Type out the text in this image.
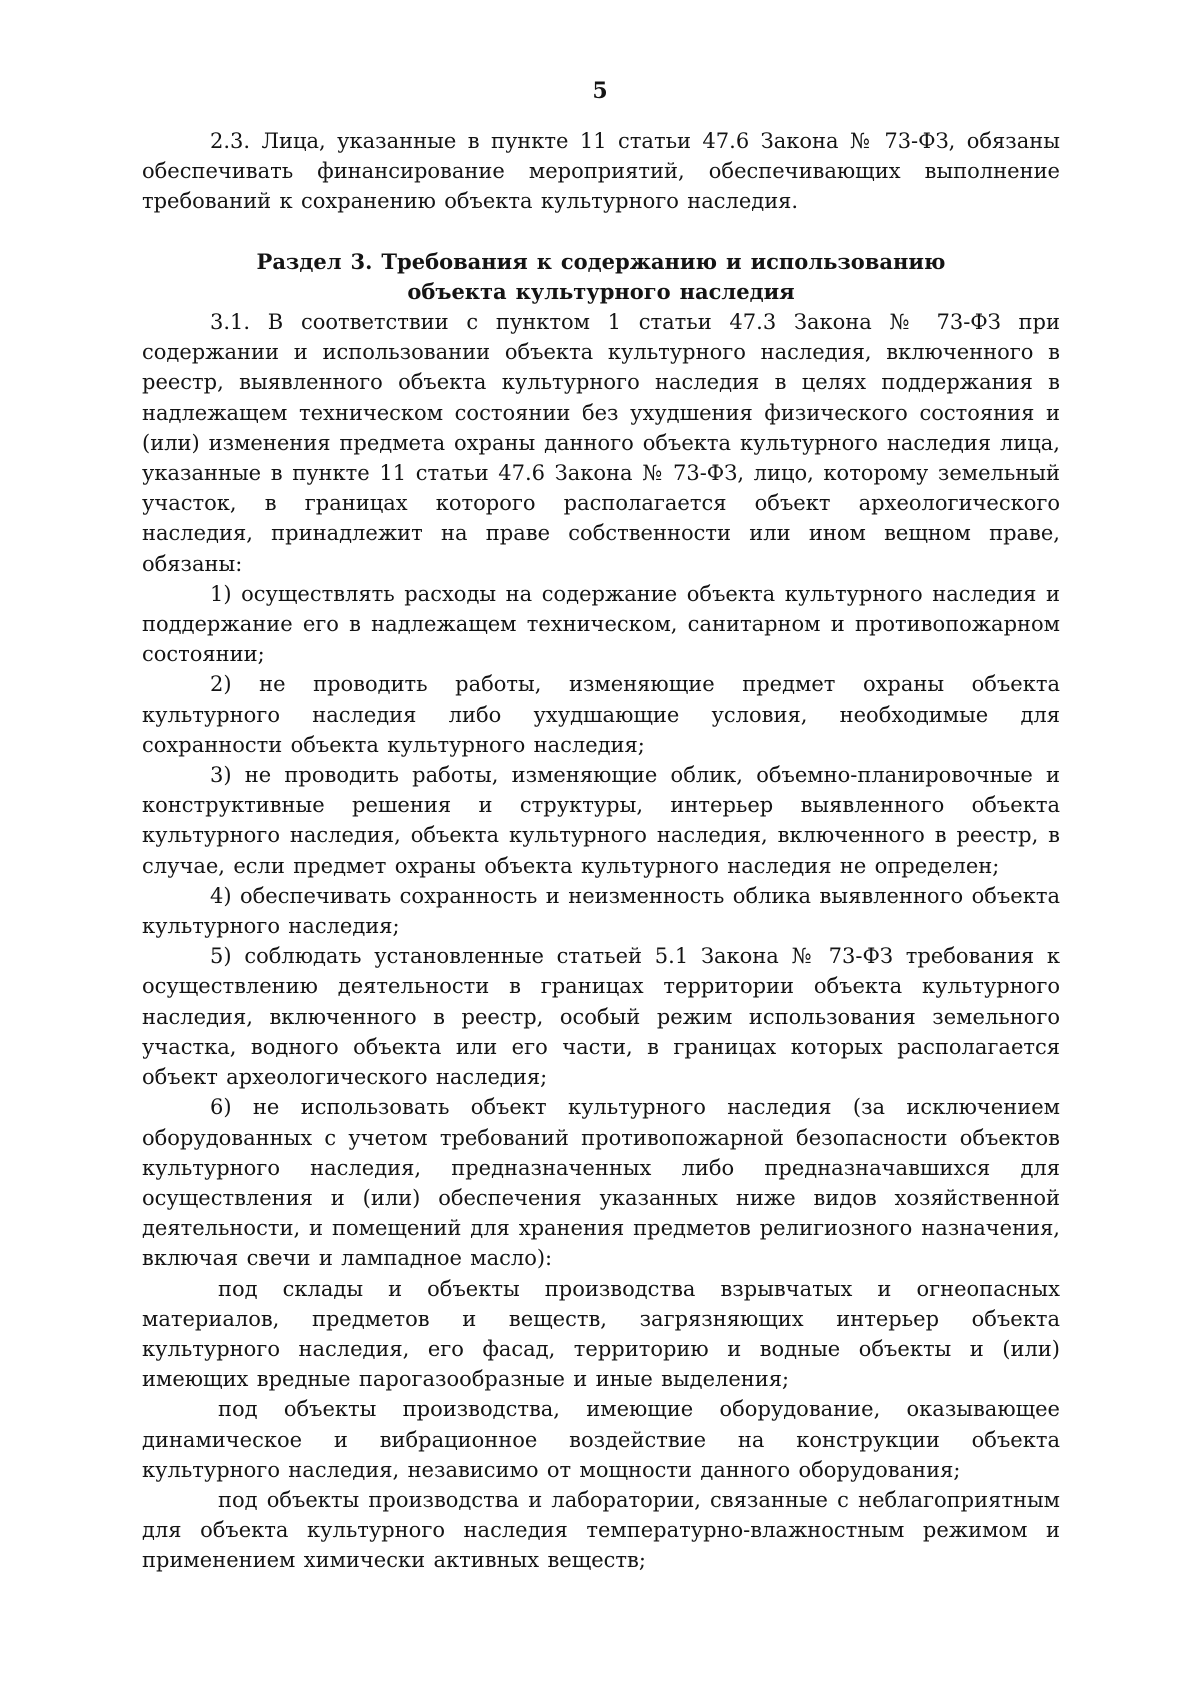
5

2.3. Лица, указанные в пункте 11 статьи 47.6 Закона № 73-ФЗ, обязаны обеспечивать финансирование мероприятий, обеспечивающих выполнение требований к сохранению объекта культурного наследия.

Раздел 3. Требования к содержанию и использованию
объекта культурного наследия

3.1. В соответствии с пунктом 1 статьи 47.3 Закона № 73-ФЗ при содержании и использовании объекта культурного наследия, включенного в реестр, выявленного объекта культурного наследия в целях поддержания в надлежащем техническом состоянии без ухудшения физического состояния и (или) изменения предмета охраны данного объекта культурного наследия лица, указанные в пункте 11 статьи 47.6 Закона № 73-ФЗ, лицо, которому земельный участок, в границах которого располагается объект археологического наследия, принадлежит на праве собственности или ином вещном праве, обязаны:

1) осуществлять расходы на содержание объекта культурного наследия и поддержание его в надлежащем техническом, санитарном и противопожарном состоянии;

2) не проводить работы, изменяющие предмет охраны объекта культурного наследия либо ухудшающие условия, необходимые для сохранности объекта культурного наследия;

3) не проводить работы, изменяющие облик, объемно-планировочные и конструктивные решения и структуры, интерьер выявленного объекта культурного наследия, объекта культурного наследия, включенного в реестр, в случае, если предмет охраны объекта культурного наследия не определен;

4) обеспечивать сохранность и неизменность облика выявленного объекта культурного наследия;

5) соблюдать установленные статьей 5.1 Закона № 73-ФЗ требования к осуществлению деятельности в границах территории объекта культурного наследия, включенного в реестр, особый режим использования земельного участка, водного объекта или его части, в границах которых располагается объект археологического наследия;

6) не использовать объект культурного наследия (за исключением оборудованных с учетом требований противопожарной безопасности объектов культурного наследия, предназначенных либо предназначавшихся для осуществления и (или) обеспечения указанных ниже видов хозяйственной деятельности, и помещений для хранения предметов религиозного назначения, включая свечи и лампадное масло):

под склады и объекты производства взрывчатых и огнеопасных материалов, предметов и веществ, загрязняющих интерьер объекта культурного наследия, его фасад, территорию и водные объекты и (или) имеющих вредные парогазообразные и иные выделения;

под объекты производства, имеющие оборудование, оказывающее динамическое и вибрационное воздействие на конструкции объекта культурного наследия, независимо от мощности данного оборудования;

под объекты производства и лаборатории, связанные с неблагоприятным для объекта культурного наследия температурно-влажностным режимом и применением химически активных веществ;
